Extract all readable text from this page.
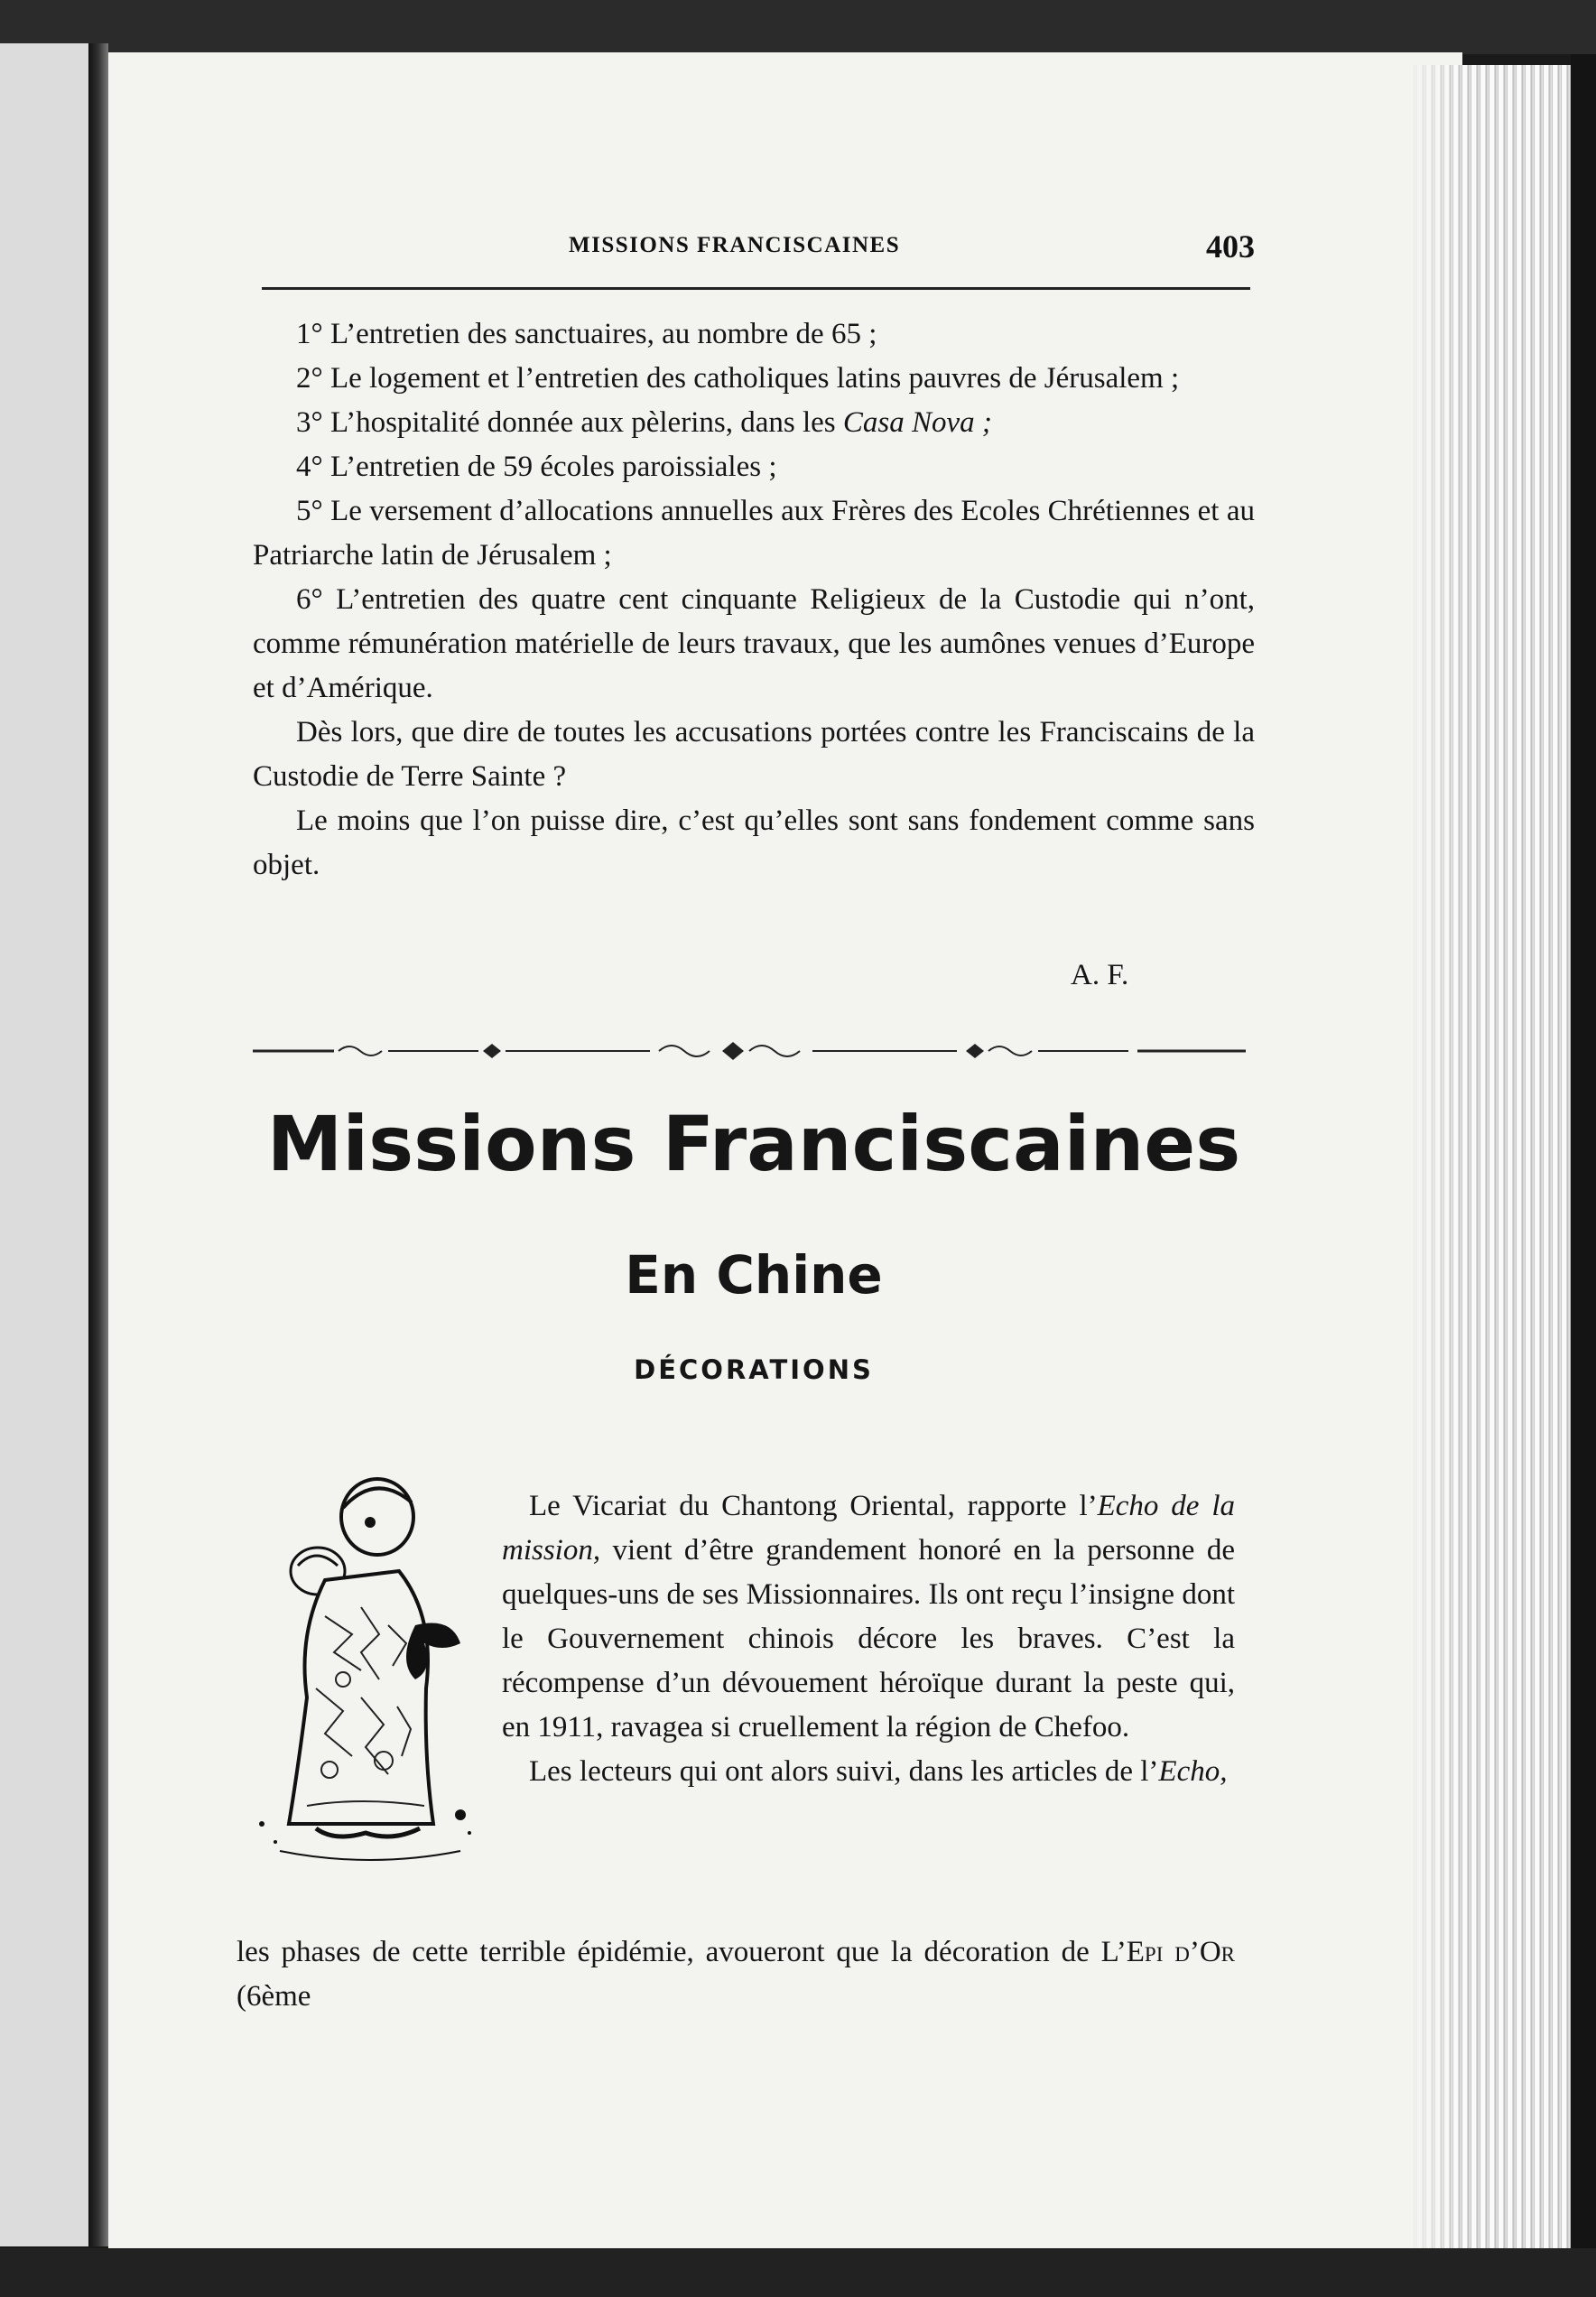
MISSIONS FRANCISCAINES	403

1° L’entretien des sanctuaires, au nombre de 65 ;

2° Le logement et l’entretien des catholiques latins pauvres de Jérusalem ;

3° L’hospitalité donnée aux pèlerins, dans les Casa Nova ;

4° L’entretien de 59 écoles paroissiales ;

5° Le versement d’allocations annuelles aux Frères des Ecoles Chrétiennes et au Patriarche latin de Jérusalem ;

6° L’entretien des quatre cent cinquante Religieux de la Custodie qui n’ont, comme rémunération matérielle de leurs travaux, que les aumônes venues d’Europe et d’Amérique.

Dès lors, que dire de toutes les accusations portées contre les Franciscains de la Custodie de Terre Sainte ?

Le moins que l’on puisse dire, c’est qu’elles sont sans fondement comme sans objet.

A. F.
Missions Franciscaines
En Chine
DÉCORATIONS
Le Vicariat du Chantong Oriental, rapporte l’Echo de la mission, vient d’être grandement honoré en la personne de quelques-uns de ses Missionnaires. Ils ont reçu l’insigne dont le Gouvernement chinois décore les braves. C’est la récompense d’un dévouement héroïque durant la peste qui, en 1911, ravagea si cruellement la région de Chefoo.
Les lecteurs qui ont alors suivi, dans les articles de l’Echo,
les phases de cette terrible épidémie, avoueront que la décoration de L’Epi d’Or (6ème
